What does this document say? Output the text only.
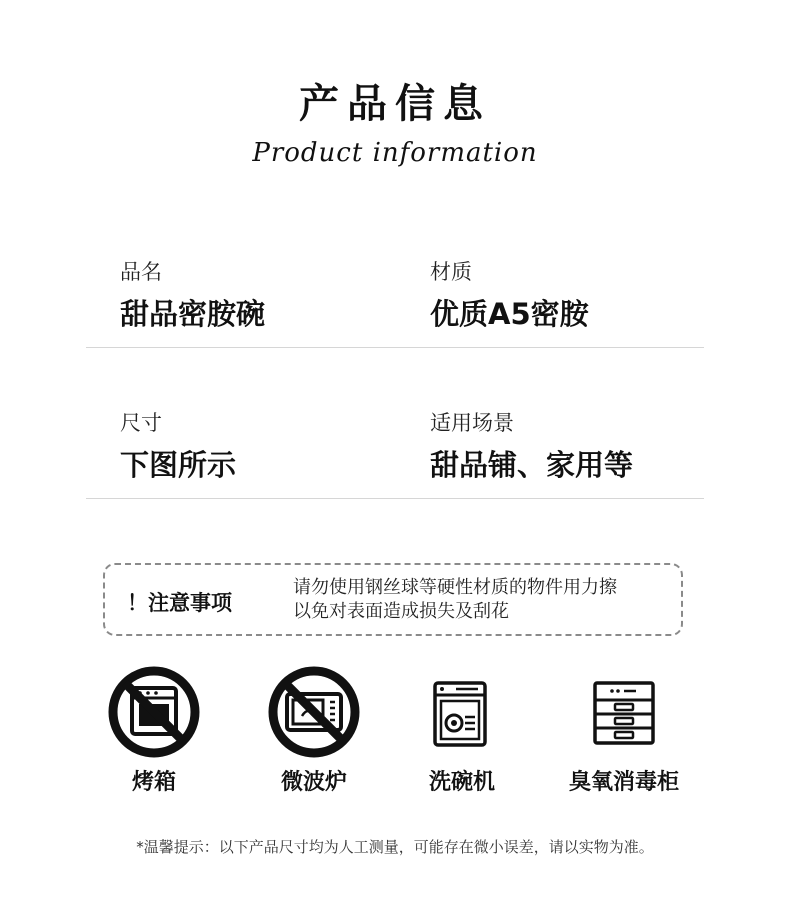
产品信息
Product information
品名
甜品密胺碗
材质
优质A5密胺
尺寸
下图所示
适用场景
甜品铺、家用等
！注意事项
请勿使用钢丝球等硬性材质的物件用力擦
以免对表面造成损失及刮花
烤箱	微波炉	洗碗机	臭氧消毒柜
*温馨提示：以下产品尺寸均为人工测量，可能存在微小误差，请以实物为准。
